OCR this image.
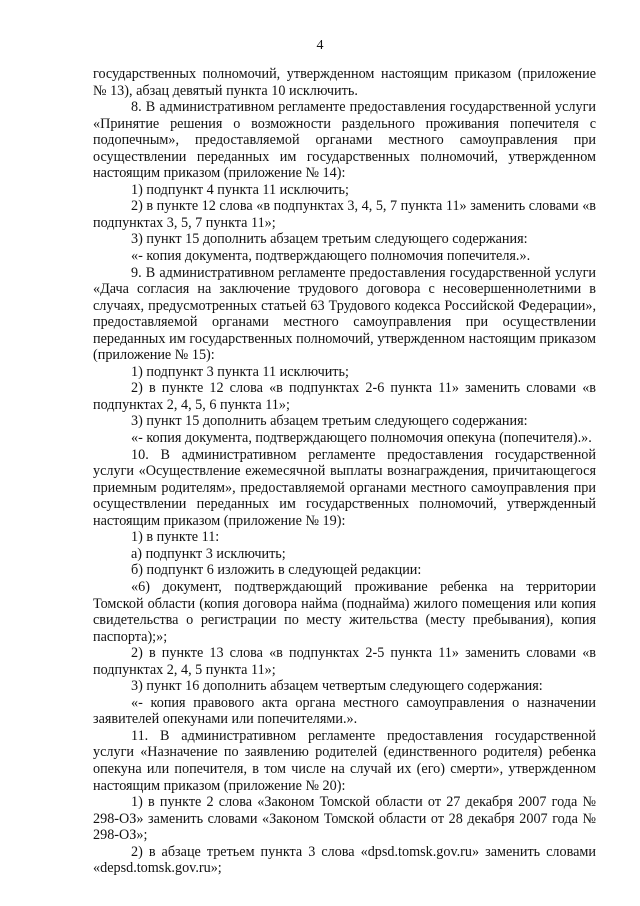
4

государственных полномочий, утвержденном настоящим приказом (приложение № 13), абзац девятый пункта 10 исключить.

8. В административном регламенте предоставления государственной услуги «Принятие решения о возможности раздельного проживания попечителя с подопечным», предоставляемой органами местного самоуправления при осуществлении переданных им государственных полномочий, утвержденном настоящим приказом (приложение № 14):

1) подпункт 4 пункта 11 исключить;

2) в пункте 12 слова «в подпунктах 3, 4, 5, 7 пункта 11» заменить словами «в подпунктах 3, 5, 7 пункта 11»;

3) пункт 15 дополнить абзацем третьим следующего содержания:

«- копия документа, подтверждающего полномочия попечителя.».

9. В административном регламенте предоставления государственной услуги «Дача согласия на заключение трудового договора с несовершеннолетними в случаях, предусмотренных статьей 63 Трудового кодекса Российской Федерации», предоставляемой органами местного самоуправления при осуществлении переданных им государственных полномочий, утвержденном настоящим приказом (приложение № 15):

1) подпункт 3 пункта 11 исключить;

2) в пункте 12 слова «в подпунктах 2-6 пункта 11» заменить словами «в подпунктах 2, 4, 5, 6 пункта 11»;

3) пункт 15 дополнить абзацем третьим следующего содержания:

«- копия документа, подтверждающего полномочия опекуна (попечителя).».

10. В административном регламенте предоставления государственной услуги «Осуществление ежемесячной выплаты вознаграждения, причитающегося приемным родителям», предоставляемой органами местного самоуправления при осуществлении переданных им государственных полномочий, утвержденный настоящим приказом (приложение № 19):

1) в пункте 11:

а) подпункт 3 исключить;

б) подпункт 6 изложить в следующей редакции:

«6) документ, подтверждающий проживание ребенка на территории Томской области (копия договора найма (поднайма) жилого помещения или копия свидетельства о регистрации по месту жительства (месту пребывания), копия паспорта);»;

2) в пункте 13 слова «в подпунктах 2-5 пункта 11» заменить словами «в подпунктах 2, 4, 5 пункта 11»;

3) пункт 16 дополнить абзацем четвертым следующего содержания:

«- копия правового акта органа местного самоуправления о назначении заявителей опекунами или попечителями.».

11. В административном регламенте предоставления государственной услуги «Назначение по заявлению родителей (единственного родителя) ребенка опекуна или попечителя, в том числе на случай их (его) смерти», утвержденном настоящим приказом (приложение № 20):

1) в пункте 2 слова «Законом Томской области от 27 декабря 2007 года № 298-ОЗ» заменить словами «Законом Томской области от 28 декабря 2007 года № 298-ОЗ»;

2) в абзаце третьем пункта 3 слова «dpsd.tomsk.gov.ru» заменить словами «depsd.tomsk.gov.ru»;
